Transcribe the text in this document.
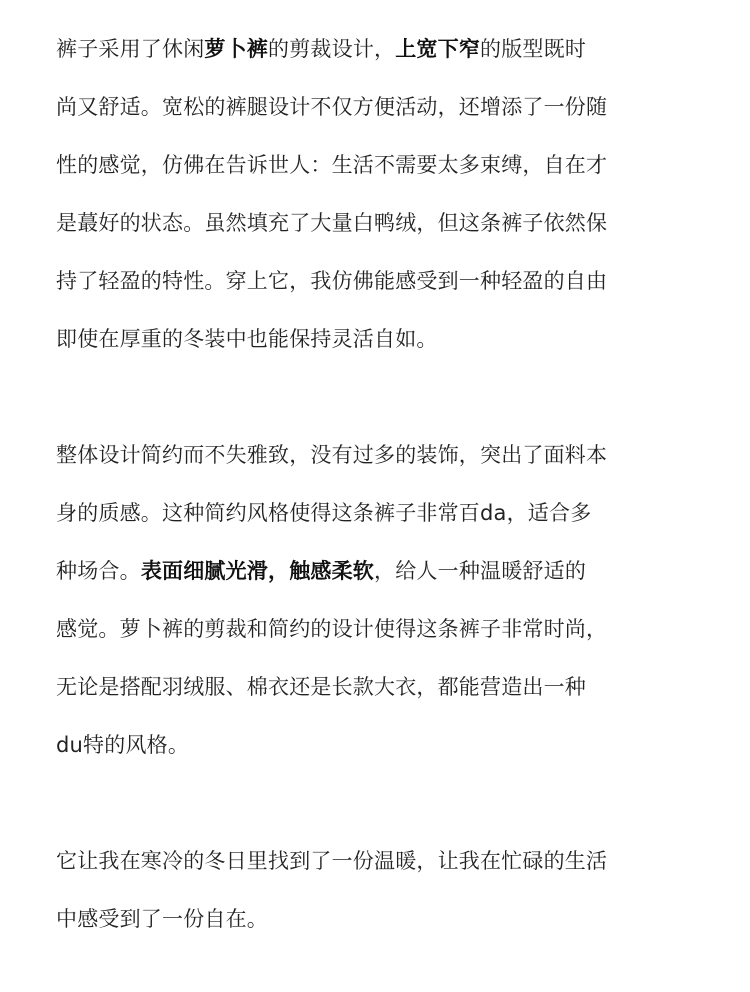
裤子采用了休闲萝卜裤的剪裁设计，上宽下窄的版型既时
尚又舒适。宽松的裤腿设计不仅方便活动，还增添了一份随
性的感觉，仿佛在告诉世人：生活不需要太多束缚，自在才
是蕞好的状态。虽然填充了大量白鸭绒，但这条裤子依然保
持了轻盈的特性。穿上它，我仿佛能感受到一种轻盈的自由
即使在厚重的冬装中也能保持灵活自如。

整体设计简约而不失雅致，没有过多的装饰，突出了面料本
身的质感。这种简约风格使得这条裤子非常百da，适合多
种场合。表面细腻光滑，触感柔软，给人一种温暖舒适的
感觉。萝卜裤的剪裁和简约的设计使得这条裤子非常时尚，
无论是搭配羽绒服、棉衣还是长款大衣，都能营造出一种
du特的风格。

它让我在寒冷的冬日里找到了一份温暖，让我在忙碌的生活
中感受到了一份自在。
